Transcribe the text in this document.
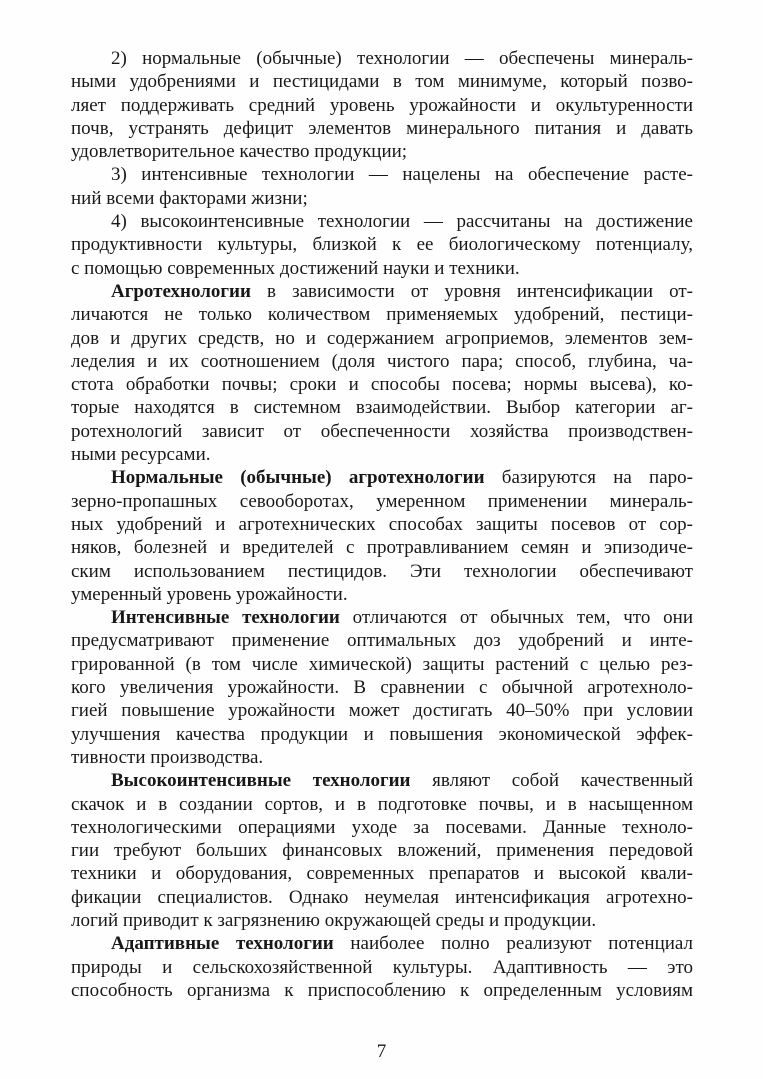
2) нормальные (обычные) технологии — обеспечены минераль-
ными удобрениями и пестицидами в том минимуме, который позво-
ляет поддерживать средний уровень урожайности и окультуренности
почв, устранять дефицит элементов минерального питания и давать
удовлетворительное качество продукции;
3) интенсивные технологии — нацелены на обеспечение расте-
ний всеми факторами жизни;
4) высокоинтенсивные технологии — рассчитаны на достижение
продуктивности культуры, близкой к ее биологическому потенциалу,
с помощью современных достижений науки и техники.
Агротехнологии в зависимости от уровня интенсификации от-
личаются не только количеством применяемых удобрений, пестици-
дов и других средств, но и содержанием агроприемов, элементов зем-
леделия и их соотношением (доля чистого пара; способ, глубина, ча-
стота обработки почвы; сроки и способы посева; нормы высева), ко-
торые находятся в системном взаимодействии. Выбор категории аг-
ротехнологий зависит от обеспеченности хозяйства производствен-
ными ресурсами.
Нормальные (обычные) агротехнологии базируются на паро-
зерно-пропашных севооборотах, умеренном применении минераль-
ных удобрений и агротехнических способах защиты посевов от сор-
няков, болезней и вредителей с протравливанием семян и эпизодиче-
ским использованием пестицидов. Эти технологии обеспечивают
умеренный уровень урожайности.
Интенсивные технологии отличаются от обычных тем, что они
предусматривают применение оптимальных доз удобрений и инте-
грированной (в том числе химической) защиты растений с целью рез-
кого увеличения урожайности. В сравнении с обычной агротехноло-
гией повышение урожайности может достигать 40–50% при условии
улучшения качества продукции и повышения экономической эффек-
тивности производства.
Высокоинтенсивные технологии являют собой качественный
скачок и в создании сортов, и в подготовке почвы, и в насыщенном
технологическими операциями уходе за посевами. Данные техноло-
гии требуют больших финансовых вложений, применения передовой
техники и оборудования, современных препаратов и высокой квали-
фикации специалистов. Однако неумелая интенсификация агротехно-
логий приводит к загрязнению окружающей среды и продукции.
Адаптивные технологии наиболее полно реализуют потенциал
природы и сельскохозяйственной культуры. Адаптивность — это
способность организма к приспособлению к определенным условиям
7
